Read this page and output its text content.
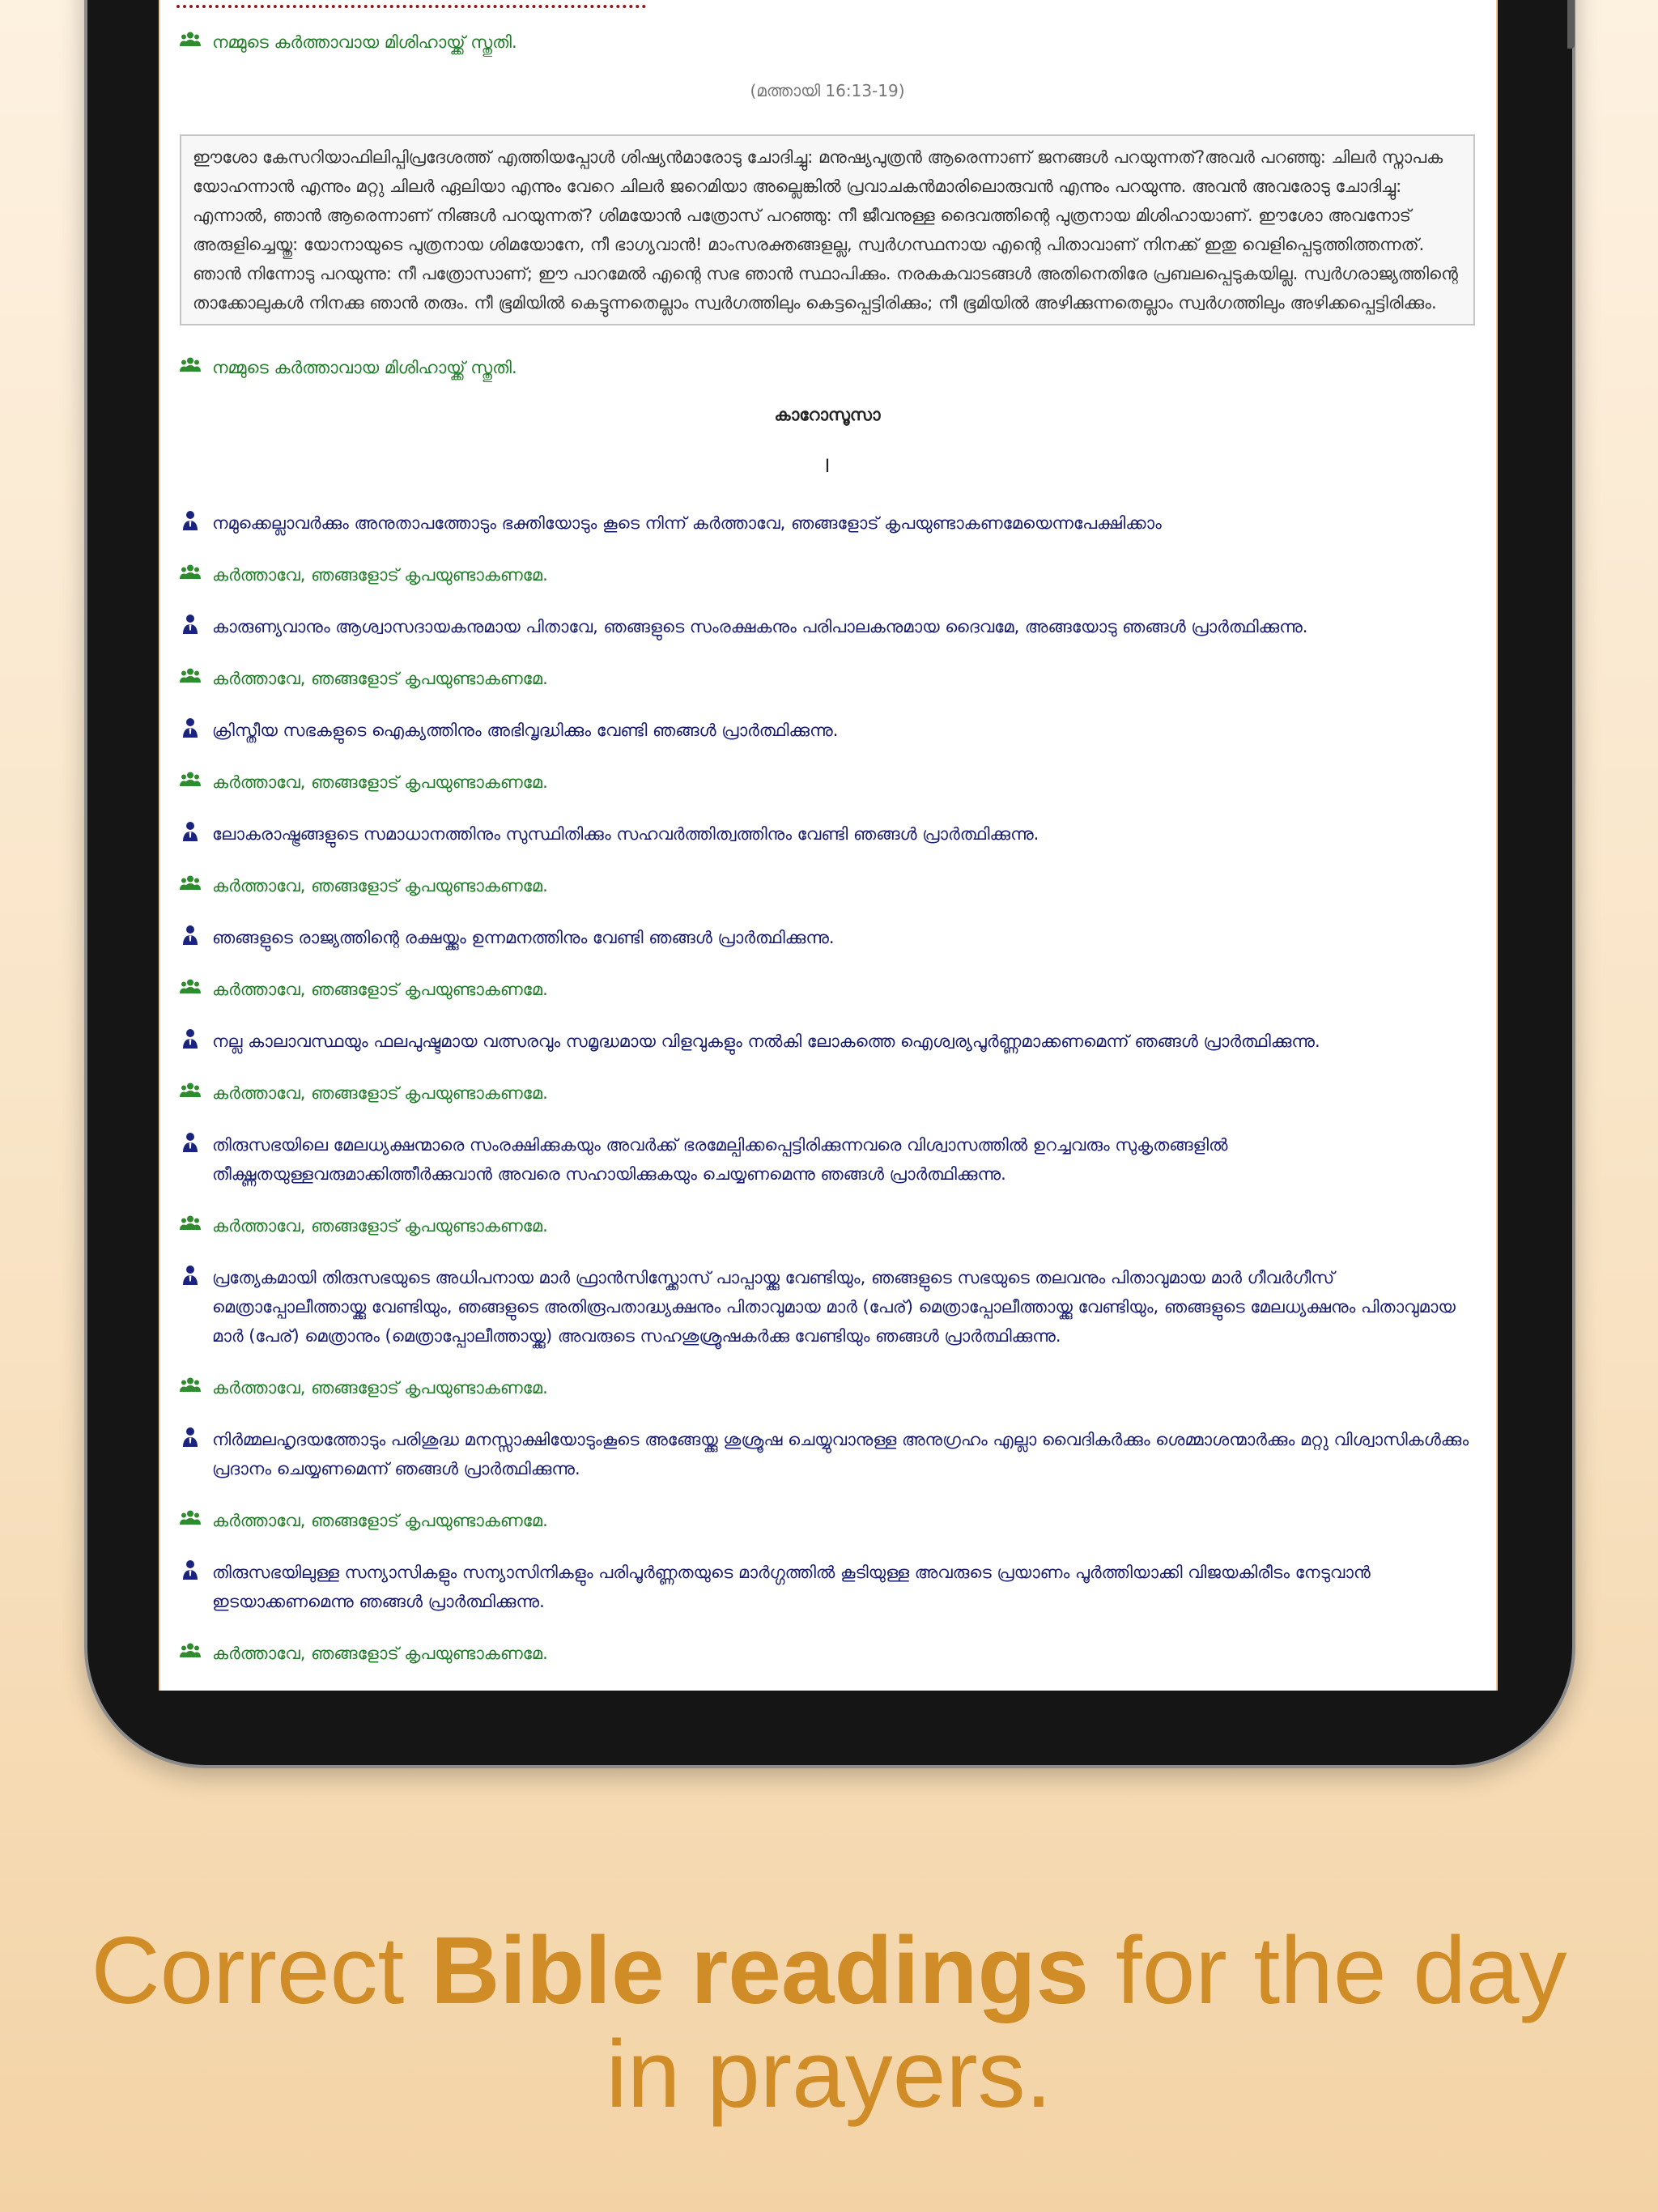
നമ്മുടെ കർത്താവായ മിശിഹായ്ക്ക് സ്തുതി.
(മത്തായി 16:13-19)
ഈശോ കേസറിയാഫിലിപ്പിപ്രദേശത്ത് എത്തിയപ്പോൾ ശിഷ്യൻമാരോടു ചോദിച്ചു: മനുഷ്യപുത്രൻ ആരെന്നാണ് ജനങ്ങൾ പറയുന്നത്?അവർ പറഞ്ഞു: ചിലർ സ്നാപക യോഹന്നാൻ എന്നും മറ്റു ചിലർ ഏലിയാ എന്നും വേറെ ചിലർ ജറെമിയാ അല്ലെങ്കിൽ പ്രവാചകൻമാരിലൊരുവൻ എന്നും പറയുന്നു. അവൻ അവരോടു ചോദിച്ചു: എന്നാൽ, ഞാൻ ആരെന്നാണ് നിങ്ങൾ പറയുന്നത്? ശിമയോൻ പത്രോസ് പറഞ്ഞു: നീ ജീവനുള്ള ദൈവത്തിന്റെ പുത്രനായ മിശിഹായാണ്. ഈശോ അവനോട് അരുളിച്ചെയ്തു: യോനായുടെ പുത്രനായ ശിമയോനേ, നീ ഭാഗ്യവാൻ! മാംസരക്തങ്ങളല്ല, സ്വർഗസ്ഥനായ എന്റെ പിതാവാണ് നിനക്ക് ഇതു വെളിപ്പെടുത്തിത്തന്നത്. ഞാൻ നിന്നോടു പറയുന്നു: നീ പത്രോസാണ്; ഈ പാറമേൽ എന്റെ സഭ ഞാൻ സ്ഥാപിക്കും. നരകകവാടങ്ങൾ അതിനെതിരേ പ്രബലപ്പെടുകയില്ല. സ്വർഗരാജ്യത്തിന്റെ താക്കോലുകൾ നിനക്കു ഞാൻ തരും. നീ ഭൂമിയിൽ കെട്ടുന്നതെല്ലാം സ്വർഗത്തിലും കെട്ടപ്പെട്ടിരിക്കും; നീ ഭൂമിയിൽ അഴിക്കുന്നതെല്ലാം സ്വർഗത്തിലും അഴിക്കപ്പെട്ടിരിക്കും.
നമ്മുടെ കർത്താവായ മിശിഹായ്ക്ക് സ്തുതി.
കാറോസൂസാ
I
നമുക്കെല്ലാവർക്കും അനുതാപത്തോടും ഭക്തിയോടും കൂടെ നിന്ന് കർത്താവേ, ഞങ്ങളോട് കൃപയുണ്ടാകണമേയെന്നപേക്ഷിക്കാം
കർത്താവേ, ഞങ്ങളോട് കൃപയുണ്ടാകണമേ.
കാരുണ്യവാനും ആശ്വാസദായകനുമായ പിതാവേ, ഞങ്ങളുടെ സംരക്ഷകനും പരിപാലകനുമായ ദൈവമേ, അങ്ങയോടു ഞങ്ങൾ പ്രാർത്ഥിക്കുന്നു.
കർത്താവേ, ഞങ്ങളോട് കൃപയുണ്ടാകണമേ.
ക്രിസ്തീയ സഭകളുടെ ഐക്യത്തിനും അഭിവൃദ്ധിക്കും വേണ്ടി ഞങ്ങൾ പ്രാർത്ഥിക്കുന്നു.
കർത്താവേ, ഞങ്ങളോട് കൃപയുണ്ടാകണമേ.
ലോകരാഷ്ട്രങ്ങളുടെ സമാധാനത്തിനും സുസ്ഥിതിക്കും സഹവർത്തിത്വത്തിനും വേണ്ടി ഞങ്ങൾ പ്രാർത്ഥിക്കുന്നു.
കർത്താവേ, ഞങ്ങളോട് കൃപയുണ്ടാകണമേ.
ഞങ്ങളുടെ രാജ്യത്തിന്റെ രക്ഷയ്ക്കും ഉന്നമനത്തിനും വേണ്ടി ഞങ്ങൾ പ്രാർത്ഥിക്കുന്നു.
കർത്താവേ, ഞങ്ങളോട് കൃപയുണ്ടാകണമേ.
നല്ല കാലാവസ്ഥയും ഫലപുഷ്ടമായ വത്സരവും സമൃദ്ധമായ വിളവുകളും നൽകി ലോകത്തെ ഐശ്വര്യപൂർണ്ണമാക്കണമെന്ന് ഞങ്ങൾ പ്രാർത്ഥിക്കുന്നു.
കർത്താവേ, ഞങ്ങളോട് കൃപയുണ്ടാകണമേ.
തിരുസഭയിലെ മേലധ്യക്ഷന്മാരെ സംരക്ഷിക്കുകയും അവർക്ക് ഭരമേല്പിക്കപ്പെട്ടിരിക്കുന്നവരെ വിശ്വാസത്തിൽ ഉറച്ചവരും സുകൃതങ്ങളിൽ തീക്ഷ്ണതയുള്ളവരുമാക്കിത്തീർക്കുവാൻ അവരെ സഹായിക്കുകയും ചെയ്യണമെന്നു ഞങ്ങൾ പ്രാർത്ഥിക്കുന്നു.
കർത്താവേ, ഞങ്ങളോട് കൃപയുണ്ടാകണമേ.
പ്രത്യേകമായി തിരുസഭയുടെ അധിപനായ മാർ ഫ്രാൻസിസ്ക്കോസ് പാപ്പായ്ക്കു വേണ്ടിയും, ഞങ്ങളുടെ സഭയുടെ തലവനും പിതാവുമായ മാർ ഗീവർഗീസ് മെത്രാപ്പോലീത്തായ്ക്കു വേണ്ടിയും, ഞങ്ങളുടെ അതിരൂപതാദ്ധ്യക്ഷനും പിതാവുമായ മാർ (പേര്) മെത്രാപ്പോലീത്തായ്ക്കു വേണ്ടിയും, ഞങ്ങളുടെ മേലധ്യക്ഷനും പിതാവുമായ മാർ (പേര്) മെത്രാനും (മെത്രാപ്പോലീത്തായ്ക്കു) അവരുടെ സഹശുശ്രൂഷകർക്കു വേണ്ടിയും ഞങ്ങൾ പ്രാർത്ഥിക്കുന്നു.
കർത്താവേ, ഞങ്ങളോട് കൃപയുണ്ടാകണമേ.
നിർമ്മലഹൃദയത്തോടും പരിശുദ്ധ മനസ്സാക്ഷിയോടുംകൂടെ അങ്ങേയ്ക്കു ശുശ്രൂഷ ചെയ്യുവാനുള്ള അനുഗ്രഹം എല്ലാ വൈദികർക്കും ശെമ്മാശന്മാർക്കും മറ്റു വിശ്വാസികൾക്കും പ്രദാനം ചെയ്യണമെന്ന് ഞങ്ങൾ പ്രാർത്ഥിക്കുന്നു.
കർത്താവേ, ഞങ്ങളോട് കൃപയുണ്ടാകണമേ.
തിരുസഭയിലുള്ള സന്യാസികളും സന്യാസിനികളും പരിപൂർണ്ണതയുടെ മാർഗ്ഗത്തിൽ കൂടിയുള്ള അവരുടെ പ്രയാണം പൂർത്തിയാക്കി വിജയകിരീടം നേടുവാൻ ഇടയാക്കണമെന്നു ഞങ്ങൾ പ്രാർത്ഥിക്കുന്നു.
കർത്താവേ, ഞങ്ങളോട് കൃപയുണ്ടാകണമേ.
Correct Bible readings for the day
in prayers.
